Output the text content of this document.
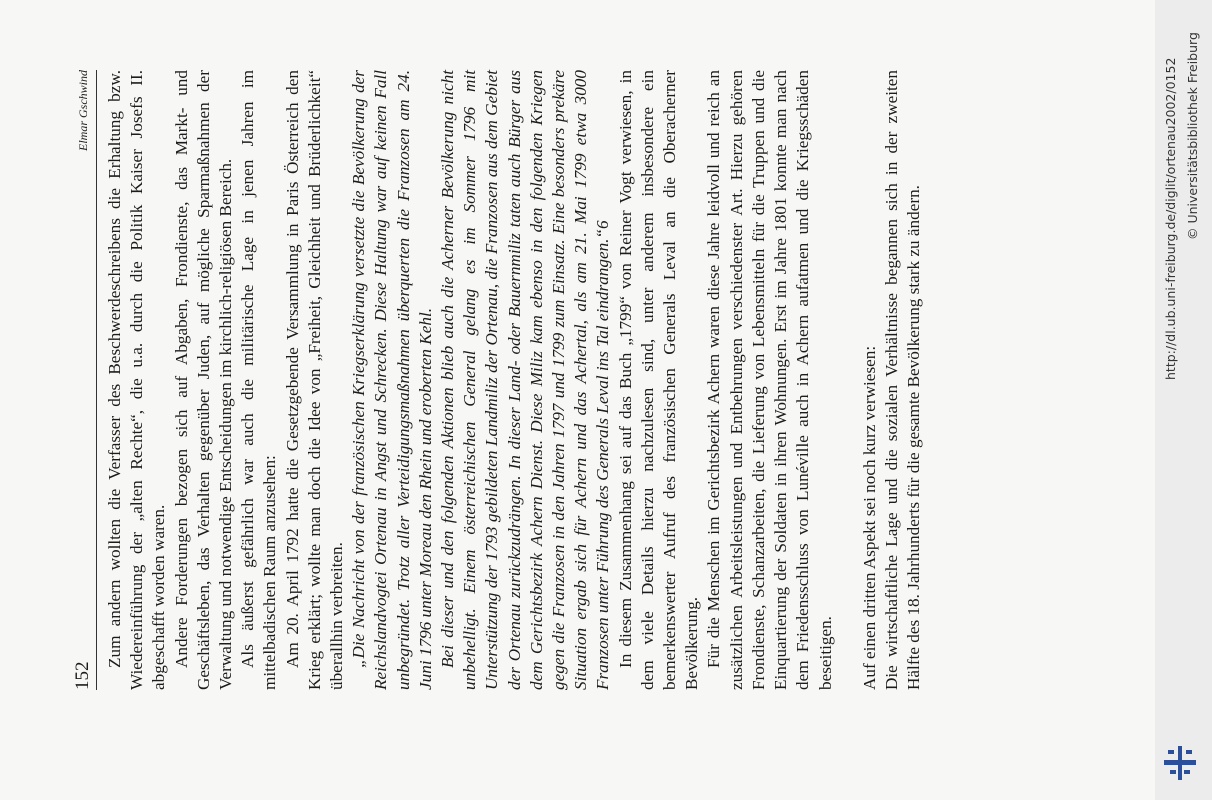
152
Elmar Gschwind Zum andern wollten die Verfasser des Beschwerdeschreibens die Erhaltung bzw. Wiedereinführung der „alten Rechte“, die u.a. durch die Politik Kaiser Josefs II. abgeschafft worden waren. Andere Forderungen bezogen sich auf Abgaben, Frondienste, das Markt- und Geschäftsleben, das Verhalten gegenüber Juden, auf mögliche Sparmaßnahmen der Verwaltung und notwendige Entscheidungen im kirchlich-religiösen Bereich. Als äußerst gefährlich war auch die militärische Lage in jenen Jahren im mittelbadischen Raum anzusehen: Am 20. April 1792 hatte die Gesetzgebende Versammlung in Paris Österreich den Krieg erklärt; wollte man doch die Idee von „Freiheit, Gleichheit und Brüderlichkeit“ überallhin verbreiten. „Die Nachricht von der französischen Kriegserklärung versetzte die Bevölkerung der Reichslandvogtei Ortenau in Angst und Schrecken. Diese Haltung war auf keinen Fall unbegründet. Trotz aller Verteidigungsmaßnahmen überquerten die Franzosen am 24. Juni 1796 unter Moreau den Rhein und eroberten Kehl. Bei dieser und den folgenden Aktionen blieb auch die Acherner Bevölkerung nicht unbehelligt. Einem österreichischen General gelang es im Sommer 1796 mit Unterstützung der 1793 gebildeten Landmiliz der Ortenau, die Franzosen aus dem Gebiet der Ortenau zurückzudrängen. In dieser Land- oder Bauernmiliz taten auch Bürger aus dem Gerichtsbezirk Achern Dienst. Diese Miliz kam ebenso in den folgenden Kriegen gegen die Franzosen in den Jahren 1797 und 1799 zum Einsatz. Eine besonders prekäre Situation ergab sich für Achern und das Achertal, als am 21. Mai 1799 etwa 3000 Franzosen unter Führung des Generals Leval ins Tal eindrangen.“6 In diesem Zusammenhang sei auf das Buch „1799“ von Reiner Vogt verwiesen, in dem viele Details hierzu nachzulesen sind, unter anderem insbesondere ein bemerkenswerter Aufruf des französischen Generals Leval an die Oberacherner Bevölkerung. Für die Menschen im Gerichtsbezirk Achern waren diese Jahre leidvoll und reich an zusätzlichen Arbeitsleistungen und Entbehrungen verschiedenster Art. Hierzu gehören Frondienste, Schanzarbeiten, die Lieferung von Lebensmitteln für die Truppen und die Einquartierung der Soldaten in ihren Wohnungen. Erst im Jahre 1801 konnte man nach dem Friedensschluss von Lunéville auch in Achern aufatmen und die Kriegsschäden beseitigen. Auf einen dritten Aspekt sei noch kurz verwiesen: Die wirtschaftliche Lage und die sozialen Verhältnisse begannen sich in der zweiten Hälfte des 18. Jahrhunderts für die gesamte Bevölkerung stark zu ändern.	http://dl.ub.uni-freiburg.de/diglit/ortenau2002/0152 © Universitätsbibliothek Freiburg
